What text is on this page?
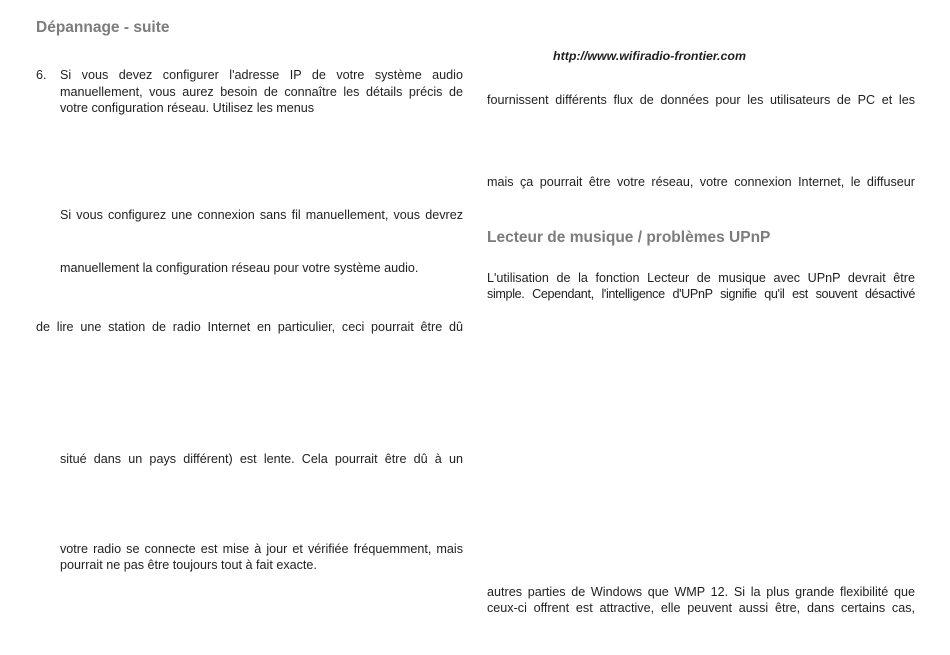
Dépannage - suite
6. Si vous devez configurer l'adresse IP de votre système audio

manuellement, vous aurez besoin de connaître les détails précis de

votre configuration réseau. Utilisez les menus

Si vous configurez une connexion sans fil manuellement, vous devrez

manuellement la configuration réseau pour votre système audio.

de lire une station de radio Internet en particulier, ceci pourrait être dû

situé dans un pays différent) est lente. Cela pourrait être dû à un

votre radio se connecte est mise à jour et vérifiée fréquemment, mais

pourrait ne pas être toujours tout à fait exacte.

http://www.wifiradio-frontier.com

fournissent différents flux de données pour les utilisateurs de PC et les

mais ça pourrait être votre réseau, votre connexion Internet, le diffuseur

Lecteur de musique / problèmes UPnP

L'utilisation de la fonction Lecteur de musique avec UPnP devrait être

simple. Cependant, l'intelligence d'UPnP signifie qu'il est souvent désactivé

autres parties de Windows que WMP 12. Si la plus grande flexibilité que

ceux-ci offrent est attractive, elle peuvent aussi être, dans certains cas,
